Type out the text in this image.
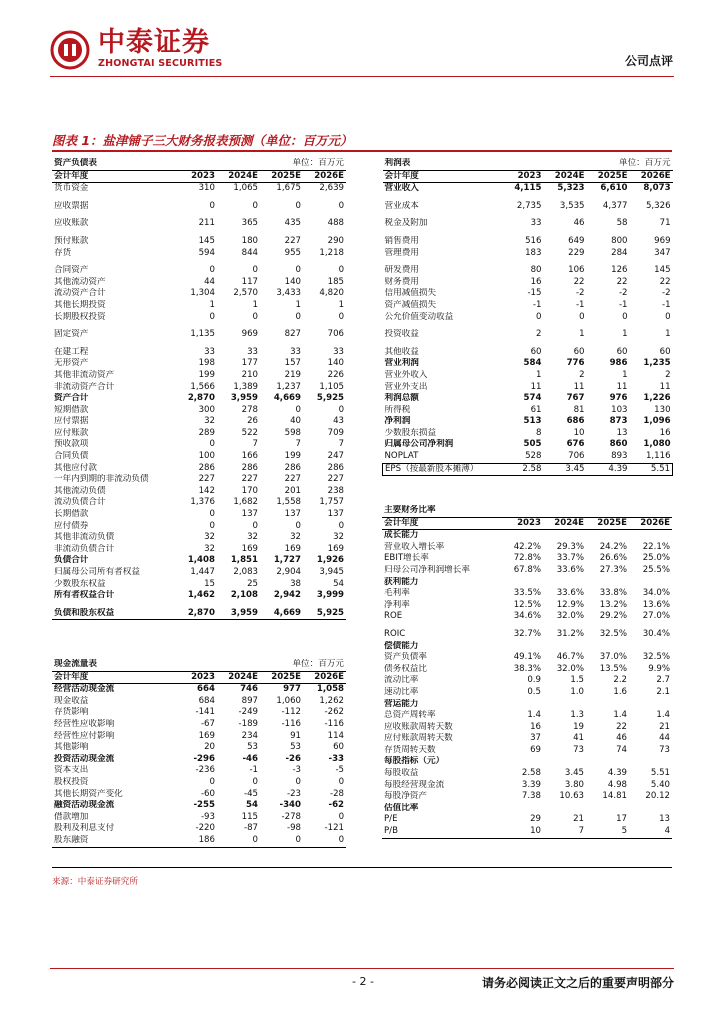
中泰证券
ZHONGTAI SECURITIES	公司点评
图表 1：盐津铺子三大财务报表预测（单位：百万元）
资产负债表			单位：百万元	
会计年度	2023	2024E	2025E	2026E
货币资金	310	1,065	1,675	2,639

应收票据	0	0	0	0

应收账款	211	365	435	488

预付账款	145	180	227	290
存货	594	844	955	1,218

合同资产	0	0	0	0
其他流动资产	44	117	140	185
流动资产合计	1,304	2,570	3,433	4,820
其他长期投资	1	1	1	1
长期股权投资	0	0	0	0

固定资产	1,135	969	827	706

在建工程	33	33	33	33
无形资产	198	177	157	140
其他非流动资产	199	210	219	226
非流动资产合计	1,566	1,389	1,237	1,105
资产合计	2,870	3,959	4,669	5,925
短期借款	300	278	0	0
应付票据	32	26	40	43
应付账款	289	522	598	709
预收款项	0	7	7	7
合同负债	100	166	199	247
其他应付款	286	286	286	286
一年内到期的非流动负债	227	227	227	227
其他流动负债	142	170	201	238
流动负债合计	1,376	1,682	1,558	1,757
长期借款	0	137	137	137
应付债券	0	0	0	0
其他非流动负债	32	32	32	32
非流动负债合计	32	169	169	169
负债合计	1,408	1,851	1,727	1,926
归属母公司所有者权益	1,447	2,083	2,904	3,945
少数股东权益	15	25	38	54
所有者权益合计	1,462	2,108	2,942	3,999

负债和股东权益	2,870	3,959	4,669	5,925
利润表			单位：百万元	
会计年度	2023	2024E	2025E	2026E
营业收入	4,115	5,323	6,610	8,073

营业成本	2,735	3,535	4,377	5,326

税金及附加	33	46	58	71

销售费用	516	649	800	969
管理费用	183	229	284	347

研发费用	80	106	126	145
财务费用	16	22	22	22
信用减值损失	-15	-2	-2	-2
资产减值损失	-1	-1	-1	-1
公允价值变动收益	0	0	0	0

投资收益	2	1	1	1

其他收益	60	60	60	60
营业利润	584	776	986	1,235
营业外收入	1	2	1	2
营业外支出	11	11	11	11
利润总额	574	767	976	1,226
所得税	61	81	103	130
净利润	513	686	873	1,096
少数股东损益	8	10	13	16
归属母公司净利润	505	676	860	1,080
NOPLAT	528	706	893	1,116
EPS（按最新股本摊薄）	2.58	3.45	4.39	5.51
主要财务比率				
会计年度	2023	2024E	2025E	2026E
成长能力				
营业收入增长率	42.2%	29.3%	24.2%	22.1%
EBIT增长率	72.8%	33.7%	26.6%	25.0%
归母公司净利润增长率	67.8%	33.6%	27.3%	25.5%
获利能力				
毛利率	33.5%	33.6%	33.8%	34.0%
净利率	12.5%	12.9%	13.2%	13.6%
ROE	34.6%	32.0%	29.2%	27.0%

ROIC	32.7%	31.2%	32.5%	30.4%
偿债能力				
资产负债率	49.1%	46.7%	37.0%	32.5%
债务权益比	38.3%	32.0%	13.5%	9.9%
流动比率	0.9	1.5	2.2	2.7
速动比率	0.5	1.0	1.6	2.1
营运能力				
总资产周转率	1.4	1.3	1.4	1.4
应收账款周转天数	16	19	22	21
应付账款周转天数	37	41	46	44
存货周转天数	69	73	74	73
每股指标（元）				
每股收益	2.58	3.45	4.39	5.51
每股经营现金流	3.39	3.80	4.98	5.40
每股净资产	7.38	10.63	14.81	20.12
估值比率				
P/E	29	21	17	13
P/B	10	7	5	4
现金流量表			单位：百万元	
会计年度	2023	2024E	2025E	2026E
经营活动现金流	664	746	977	1,058
现金收益	684	897	1,060	1,262
存货影响	-141	-249	-112	-262
经营性应收影响	-67	-189	-116	-116
经营性应付影响	169	234	91	114
其他影响	20	53	53	60
投资活动现金流	-296	-46	-26	-33
资本支出	-236	-1	-3	-5
股权投资	0	0	0	0
其他长期资产变化	-60	-45	-23	-28
融资活动现金流	-255	54	-340	-62
借款增加	-93	115	-278	0
股利及利息支付	-220	-87	-98	-121
股东融资	186	0	0	0
来源：中泰证券研究所
- 2 -	请务必阅读正文之后的重要声明部分
